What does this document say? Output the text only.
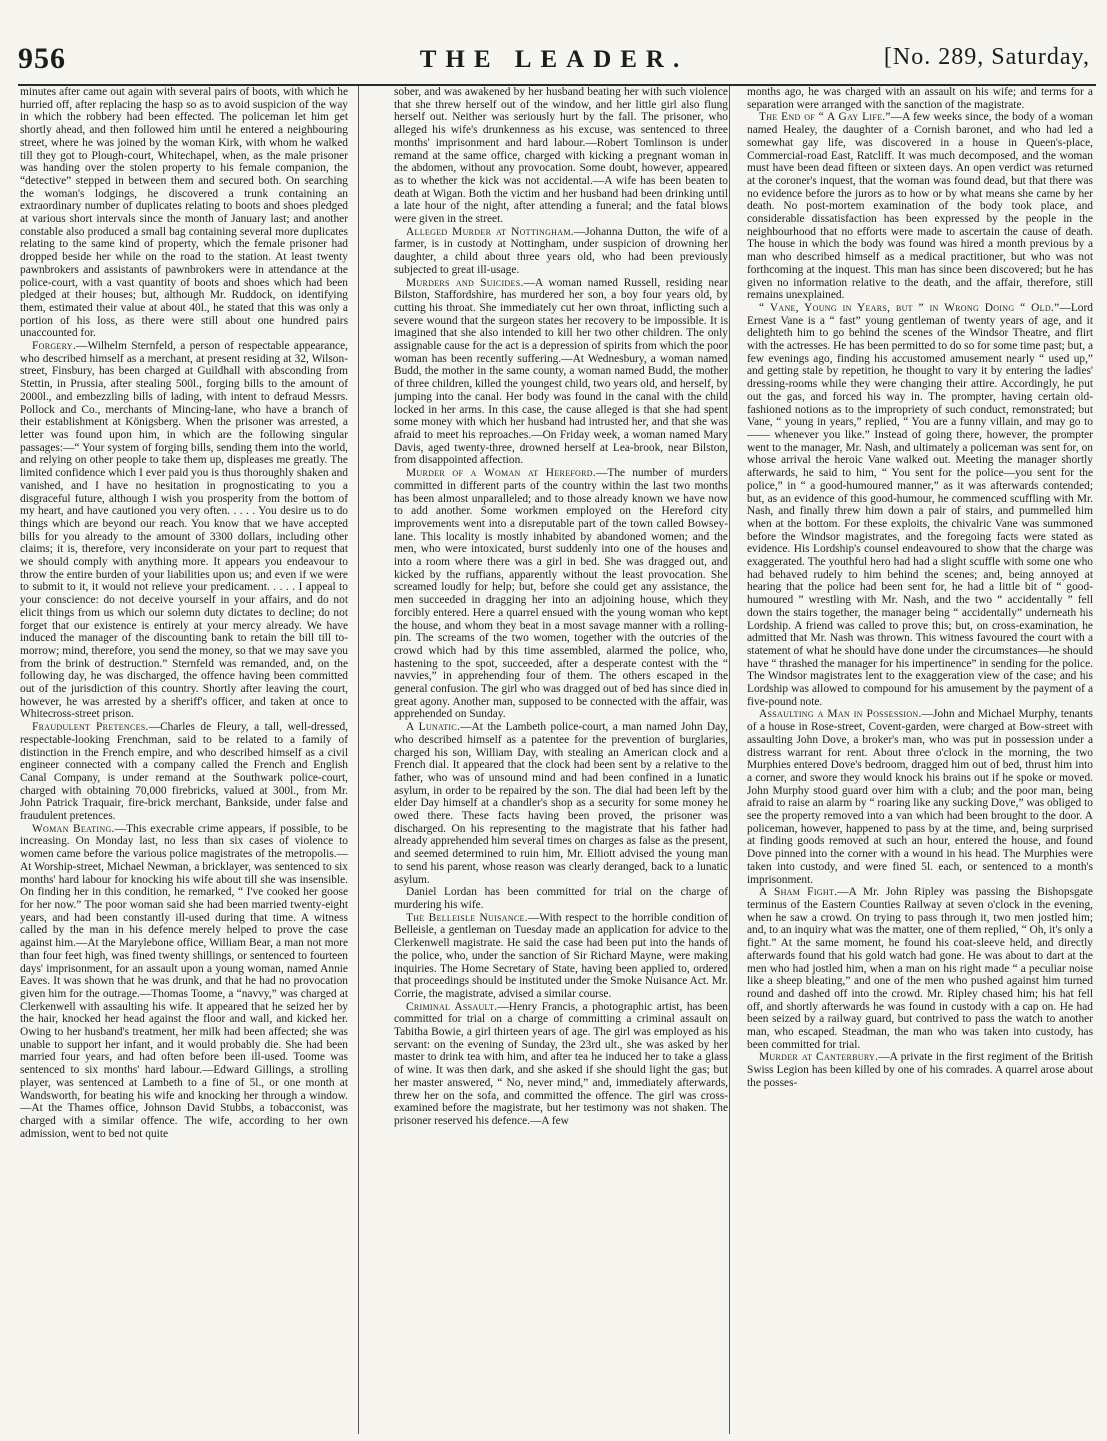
956	THE LEADER.	[No. 289, Saturday,

minutes after came out again with several pairs of boots, with which he hurried off, after replacing the hasp so as to avoid suspicion of the way in which the robbery had been effected. The policeman let him get shortly ahead, and then followed him until he entered a neighbouring street, where he was joined by the woman Kirk, with whom he walked till they got to Plough-court, Whitechapel, when, as the male prisoner was handing over the stolen property to his female companion, the “detective” stepped in between them and secured both. On searching the woman's lodgings, he discovered a trunk containing an extraordinary number of duplicates relating to boots and shoes pledged at various short intervals since the month of January last; and another constable also produced a small bag containing several more duplicates relating to the same kind of property, which the female prisoner had dropped beside her while on the road to the station. At least twenty pawnbrokers and assistants of pawnbrokers were in attendance at the police-court, with a vast quantity of boots and shoes which had been pledged at their houses; but, although Mr. Ruddock, on identifying them, estimated their value at about 40l., he stated that this was only a portion of his loss, as there were still about one hundred pairs unaccounted for.

Forgery.—Wilhelm Sternfeld, a person of respectable appearance, who described himself as a merchant, at present residing at 32, Wilson-street, Finsbury, has been charged at Guildhall with absconding from Stettin, in Prussia, after stealing 500l., forging bills to the amount of 2000l., and embezzling bills of lading, with intent to defraud Messrs. Pollock and Co., merchants of Mincing-lane, who have a branch of their establishment at Königsberg. When the prisoner was arrested, a letter was found upon him, in which are the following singular passages:—“ Your system of forging bills, sending them into the world, and relying on other people to take them up, displeases me greatly. The limited confidence which I ever paid you is thus thoroughly shaken and vanished, and I have no hesitation in prognosticating to you a disgraceful future, although I wish you prosperity from the bottom of my heart, and have cautioned you very often. . . . . You desire us to do things which are beyond our reach. You know that we have accepted bills for you already to the amount of 3300 dollars, including other claims; it is, therefore, very inconsiderate on your part to request that we should comply with anything more. It appears you endeavour to throw the entire burden of your liabilities upon us; and even if we were to submit to it, it would not relieve your predicament. . . . . I appeal to your conscience: do not deceive yourself in your affairs, and do not elicit things from us which our solemn duty dictates to decline; do not forget that our existence is entirely at your mercy already. We have induced the manager of the discounting bank to retain the bill till to-morrow; mind, therefore, you send the money, so that we may save you from the brink of destruction.” Sternfeld was remanded, and, on the following day, he was discharged, the offence having been committed out of the jurisdiction of this country. Shortly after leaving the court, however, he was arrested by a sheriff's officer, and taken at once to Whitecross-street prison.

Fraudulent Pretences.—Charles de Fleury, a tall, well-dressed, respectable-looking Frenchman, said to be related to a family of distinction in the French empire, and who described himself as a civil engineer connected with a company called the French and English Canal Company, is under remand at the Southwark police-court, charged with obtaining 70,000 firebricks, valued at 300l., from Mr. John Patrick Traquair, fire-brick merchant, Bankside, under false and fraudulent pretences.

Woman Beating.—This execrable crime appears, if possible, to be increasing. On Monday last, no less than six cases of violence to women came before the various police magistrates of the metropolis.—At Worship-street, Michael Newman, a bricklayer, was sentenced to six months' hard labour for knocking his wife about till she was insensible. On finding her in this condition, he remarked, “ I've cooked her goose for her now.” The poor woman said she had been married twenty-eight years, and had been constantly ill-used during that time. A witness called by the man in his defence merely helped to prove the case against him.—At the Marylebone office, William Bear, a man not more than four feet high, was fined twenty shillings, or sentenced to fourteen days' imprisonment, for an assault upon a young woman, named Annie Eaves. It was shown that he was drunk, and that he had no provocation given him for the outrage.—Thomas Toome, a “navvy,” was charged at Clerkenwell with assaulting his wife. It appeared that he seized her by the hair, knocked her head against the floor and wall, and kicked her. Owing to her husband's treatment, her milk had been affected; she was unable to support her infant, and it would probably die. She had been married four years, and had often before been ill-used. Toome was sentenced to six months' hard labour.—Edward Gillings, a strolling player, was sentenced at Lambeth to a fine of 5l., or one month at Wandsworth, for beating his wife and knocking her through a window.—At the Thames office, Johnson David Stubbs, a tobacconist, was charged with a similar offence. The wife, according to her own admission, went to bed not quite

sober, and was awakened by her husband beating her with such violence that she threw herself out of the window, and her little girl also flung herself out. Neither was seriously hurt by the fall. The prisoner, who alleged his wife's drunkenness as his excuse, was sentenced to three months' imprisonment and hard labour.—Robert Tomlinson is under remand at the same office, charged with kicking a pregnant woman in the abdomen, without any provocation. Some doubt, however, appeared as to whether the kick was not accidental.—A wife has been beaten to death at Wigan. Both the victim and her husband had been drinking until a late hour of the night, after attending a funeral; and the fatal blows were given in the street.

Alleged Murder at Nottingham.—Johanna Dutton, the wife of a farmer, is in custody at Nottingham, under suspicion of drowning her daughter, a child about three years old, who had been previously subjected to great ill-usage.

Murders and Suicides.—A woman named Russell, residing near Bilston, Staffordshire, has murdered her son, a boy four years old, by cutting his throat. She immediately cut her own throat, inflicting such a severe wound that the surgeon states her recovery to be impossible. It is imagined that she also intended to kill her two other children. The only assignable cause for the act is a depression of spirits from which the poor woman has been recently suffering.—At Wednesbury, a woman named Budd, the mother in the same county, a woman named Budd, the mother of three children, killed the youngest child, two years old, and herself, by jumping into the canal. Her body was found in the canal with the child locked in her arms. In this case, the cause alleged is that she had spent some money with which her husband had intrusted her, and that she was afraid to meet his reproaches.—On Friday week, a woman named Mary Davis, aged twenty-three, drowned herself at Lea-brook, near Bilston, from disappointed affection.

Murder of a Woman at Hereford.—The number of murders committed in different parts of the country within the last two months has been almost unparalleled; and to those already known we have now to add another. Some workmen employed on the Hereford city improvements went into a disreputable part of the town called Bowsey-lane. This locality is mostly inhabited by abandoned women; and the men, who were intoxicated, burst suddenly into one of the houses and into a room where there was a girl in bed. She was dragged out, and kicked by the ruffians, apparently without the least provocation. She screamed loudly for help; but, before she could get any assistance, the men succeeded in dragging her into an adjoining house, which they forcibly entered. Here a quarrel ensued with the young woman who kept the house, and whom they beat in a most savage manner with a rolling-pin. The screams of the two women, together with the outcries of the crowd which had by this time assembled, alarmed the police, who, hastening to the spot, succeeded, after a desperate contest with the “ navvies,” in apprehending four of them. The others escaped in the general confusion. The girl who was dragged out of bed has since died in great agony. Another man, supposed to be connected with the affair, was apprehended on Sunday.

A Lunatic.—At the Lambeth police-court, a man named John Day, who described himself as a patentee for the prevention of burglaries, charged his son, William Day, with stealing an American clock and a French dial. It appeared that the clock had been sent by a relative to the father, who was of unsound mind and had been confined in a lunatic asylum, in order to be repaired by the son. The dial had been left by the elder Day himself at a chandler's shop as a security for some money he owed there. These facts having been proved, the prisoner was discharged. On his representing to the magistrate that his father had already apprehended him several times on charges as false as the present, and seemed determined to ruin him, Mr. Elliott advised the young man to send his parent, whose reason was clearly deranged, back to a lunatic asylum.

Daniel Lordan has been committed for trial on the charge of murdering his wife.

The Belleisle Nuisance.—With respect to the horrible condition of Belleisle, a gentleman on Tuesday made an application for advice to the Clerkenwell magistrate. He said the case had been put into the hands of the police, who, under the sanction of Sir Richard Mayne, were making inquiries. The Home Secretary of State, having been applied to, ordered that proceedings should be instituted under the Smoke Nuisance Act. Mr. Corrie, the magistrate, advised a similar course.

Criminal Assault.—Henry Francis, a photographic artist, has been committed for trial on a charge of committing a criminal assault on Tabitha Bowie, a girl thirteen years of age. The girl was employed as his servant: on the evening of Sunday, the 23rd ult., she was asked by her master to drink tea with him, and after tea he induced her to take a glass of wine. It was then dark, and she asked if she should light the gas; but her master answered, “ No, never mind,” and, immediately afterwards, threw her on the sofa, and committed the offence. The girl was cross-examined before the magistrate, but her testimony was not shaken. The prisoner reserved his defence.—A few

months ago, he was charged with an assault on his wife; and terms for a separation were arranged with the sanction of the magistrate.

The End of “ A Gay Life.”—A few weeks since, the body of a woman named Healey, the daughter of a Cornish baronet, and who had led a somewhat gay life, was discovered in a house in Queen's-place, Commercial-road East, Ratcliff. It was much decomposed, and the woman must have been dead fifteen or sixteen days. An open verdict was returned at the coroner's inquest, that the woman was found dead, but that there was no evidence before the jurors as to how or by what means she came by her death. No post-mortem examination of the body took place, and considerable dissatisfaction has been expressed by the people in the neighbourhood that no efforts were made to ascertain the cause of death. The house in which the body was found was hired a month previous by a man who described himself as a medical practitioner, but who was not forthcoming at the inquest. This man has since been discovered; but he has given no information relative to the death, and the affair, therefore, still remains unexplained.

“ Vane, Young in Years, but ” in Wrong Doing “ Old.”—Lord Ernest Vane is a “ fast” young gentleman of twenty years of age, and it delighteth him to go behind the scenes of the Windsor Theatre, and flirt with the actresses. He has been permitted to do so for some time past; but, a few evenings ago, finding his accustomed amusement nearly “ used up,” and getting stale by repetition, he thought to vary it by entering the ladies' dressing-rooms while they were changing their attire. Accordingly, he put out the gas, and forced his way in. The prompter, having certain old-fashioned notions as to the impropriety of such conduct, remonstrated; but Vane, “ young in years,” replied, “ You are a funny villain, and may go to —— whenever you like.” Instead of going there, however, the prompter went to the manager, Mr. Nash, and ultimately a policeman was sent for, on whose arrival the heroic Vane walked out. Meeting the manager shortly afterwards, he said to him, “ You sent for the police—you sent for the police,” in “ a good-humoured manner,” as it was afterwards contended; but, as an evidence of this good-humour, he commenced scuffling with Mr. Nash, and finally threw him down a pair of stairs, and pummelled him when at the bottom. For these exploits, the chivalric Vane was summoned before the Windsor magistrates, and the foregoing facts were stated as evidence. His Lordship's counsel endeavoured to show that the charge was exaggerated. The youthful hero had had a slight scuffle with some one who had behaved rudely to him behind the scenes; and, being annoyed at hearing that the police had been sent for, he had a little bit of “ good-humoured ” wrestling with Mr. Nash, and the two “ accidentally ” fell down the stairs together, the manager being “ accidentally” underneath his Lordship. A friend was called to prove this; but, on cross-examination, he admitted that Mr. Nash was thrown. This witness favoured the court with a statement of what he should have done under the circumstances—he should have “ thrashed the manager for his impertinence” in sending for the police. The Windsor magistrates lent to the exaggeration view of the case; and his Lordship was allowed to compound for his amusement by the payment of a five-pound note.

Assaulting a Man in Possession.—John and Michael Murphy, tenants of a house in Rose-street, Covent-garden, were charged at Bow-street with assaulting John Dove, a broker's man, who was put in possession under a distress warrant for rent. About three o'clock in the morning, the two Murphies entered Dove's bedroom, dragged him out of bed, thrust him into a corner, and swore they would knock his brains out if he spoke or moved. John Murphy stood guard over him with a club; and the poor man, being afraid to raise an alarm by “ roaring like any sucking Dove,” was obliged to see the property removed into a van which had been brought to the door. A policeman, however, happened to pass by at the time, and, being surprised at finding goods removed at such an hour, entered the house, and found Dove pinned into the corner with a wound in his head. The Murphies were taken into custody, and were fined 5l. each, or sentenced to a month's imprisonment.

A Sham Fight.—A Mr. John Ripley was passing the Bishopsgate terminus of the Eastern Counties Railway at seven o'clock in the evening, when he saw a crowd. On trying to pass through it, two men jostled him; and, to an inquiry what was the matter, one of them replied, “ Oh, it's only a fight.” At the same moment, he found his coat-sleeve held, and directly afterwards found that his gold watch had gone. He was about to dart at the men who had jostled him, when a man on his right made “ a peculiar noise like a sheep bleating,” and one of the men who pushed against him turned round and dashed off into the crowd. Mr. Ripley chased him; his hat fell off, and shortly afterwards he was found in custody with a cap on. He had been seized by a railway guard, but contrived to pass the watch to another man, who escaped. Steadman, the man who was taken into custody, has been committed for trial.

Murder at Canterbury.—A private in the first regiment of the British Swiss Legion has been killed by one of his comrades. A quarrel arose about the posses-
